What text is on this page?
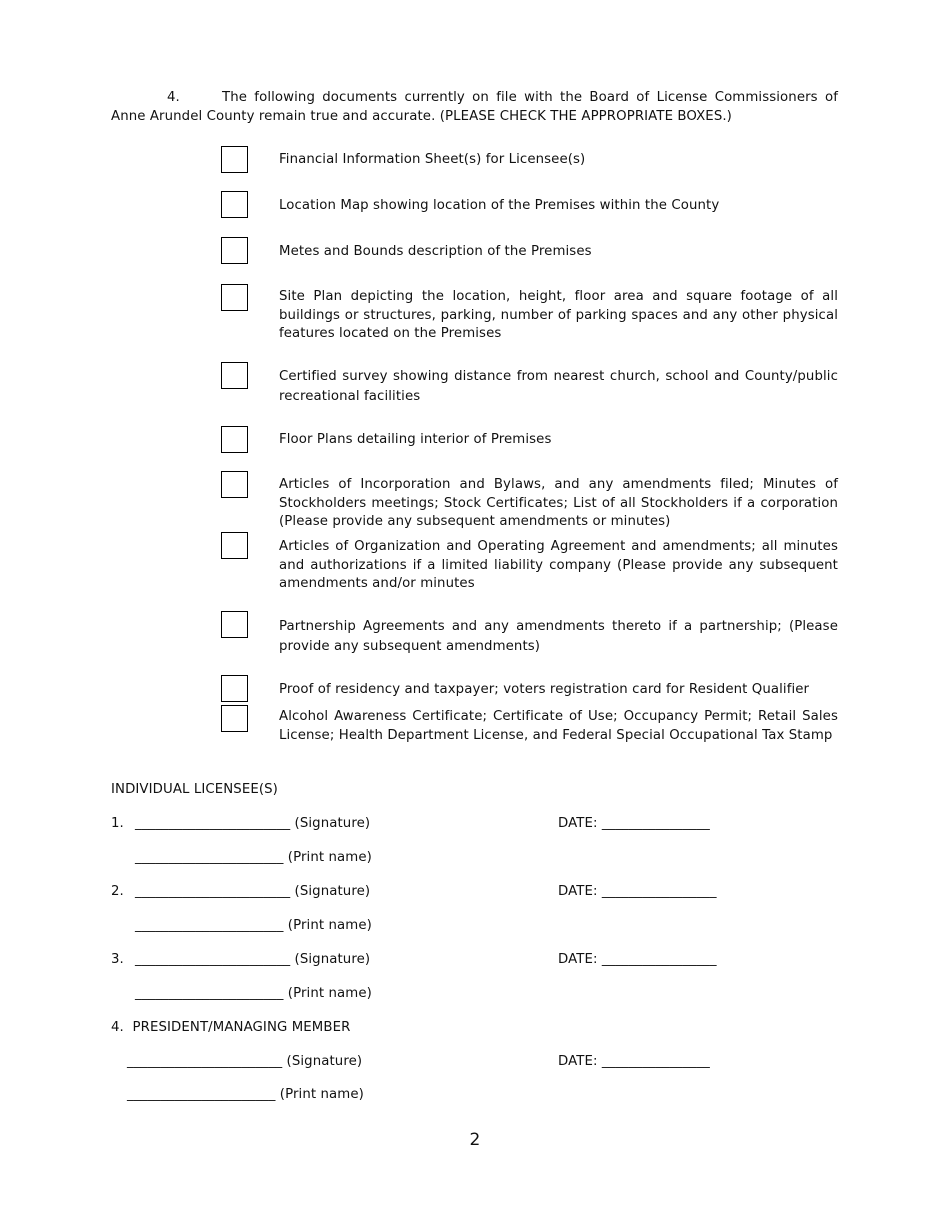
4.	The following documents currently on file with the Board of License Commissioners of Anne Arundel County remain true and accurate. (PLEASE CHECK THE APPROPRIATE BOXES.)
Financial Information Sheet(s) for Licensee(s)
Location Map showing location of the Premises within the County
Metes and Bounds description of the Premises
Site Plan depicting the location, height, floor area and square footage of all buildings or structures, parking, number of parking spaces and any other physical features located on the Premises
Certified survey showing distance from nearest church, school and County/public recreational facilities
Floor Plans detailing interior of Premises
Articles of Incorporation and Bylaws, and any amendments filed; Minutes of Stockholders meetings; Stock Certificates; List of all Stockholders if a corporation (Please provide any subsequent amendments or minutes)
Articles of Organization and Operating Agreement and amendments; all minutes and authorizations if a limited liability company (Please provide any subsequent amendments and/or minutes
Partnership Agreements and any amendments thereto if a partnership; (Please provide any subsequent amendments)
Proof of residency and taxpayer; voters registration card for Resident Qualifier
Alcohol Awareness Certificate; Certificate of Use; Occupancy Permit; Retail Sales License; Health Department License, and Federal Special Occupational Tax Stamp
INDIVIDUAL LICENSEE(S)
1. _______________________ (Signature)	DATE: ________________
______________________ (Print name)
2. _______________________ (Signature)	DATE: _________________
______________________ (Print name)
3. _______________________ (Signature)	DATE: _________________
______________________ (Print name)
4.  PRESIDENT/MANAGING MEMBER
_______________________ (Signature)	DATE: ________________
______________________ (Print name)
2
